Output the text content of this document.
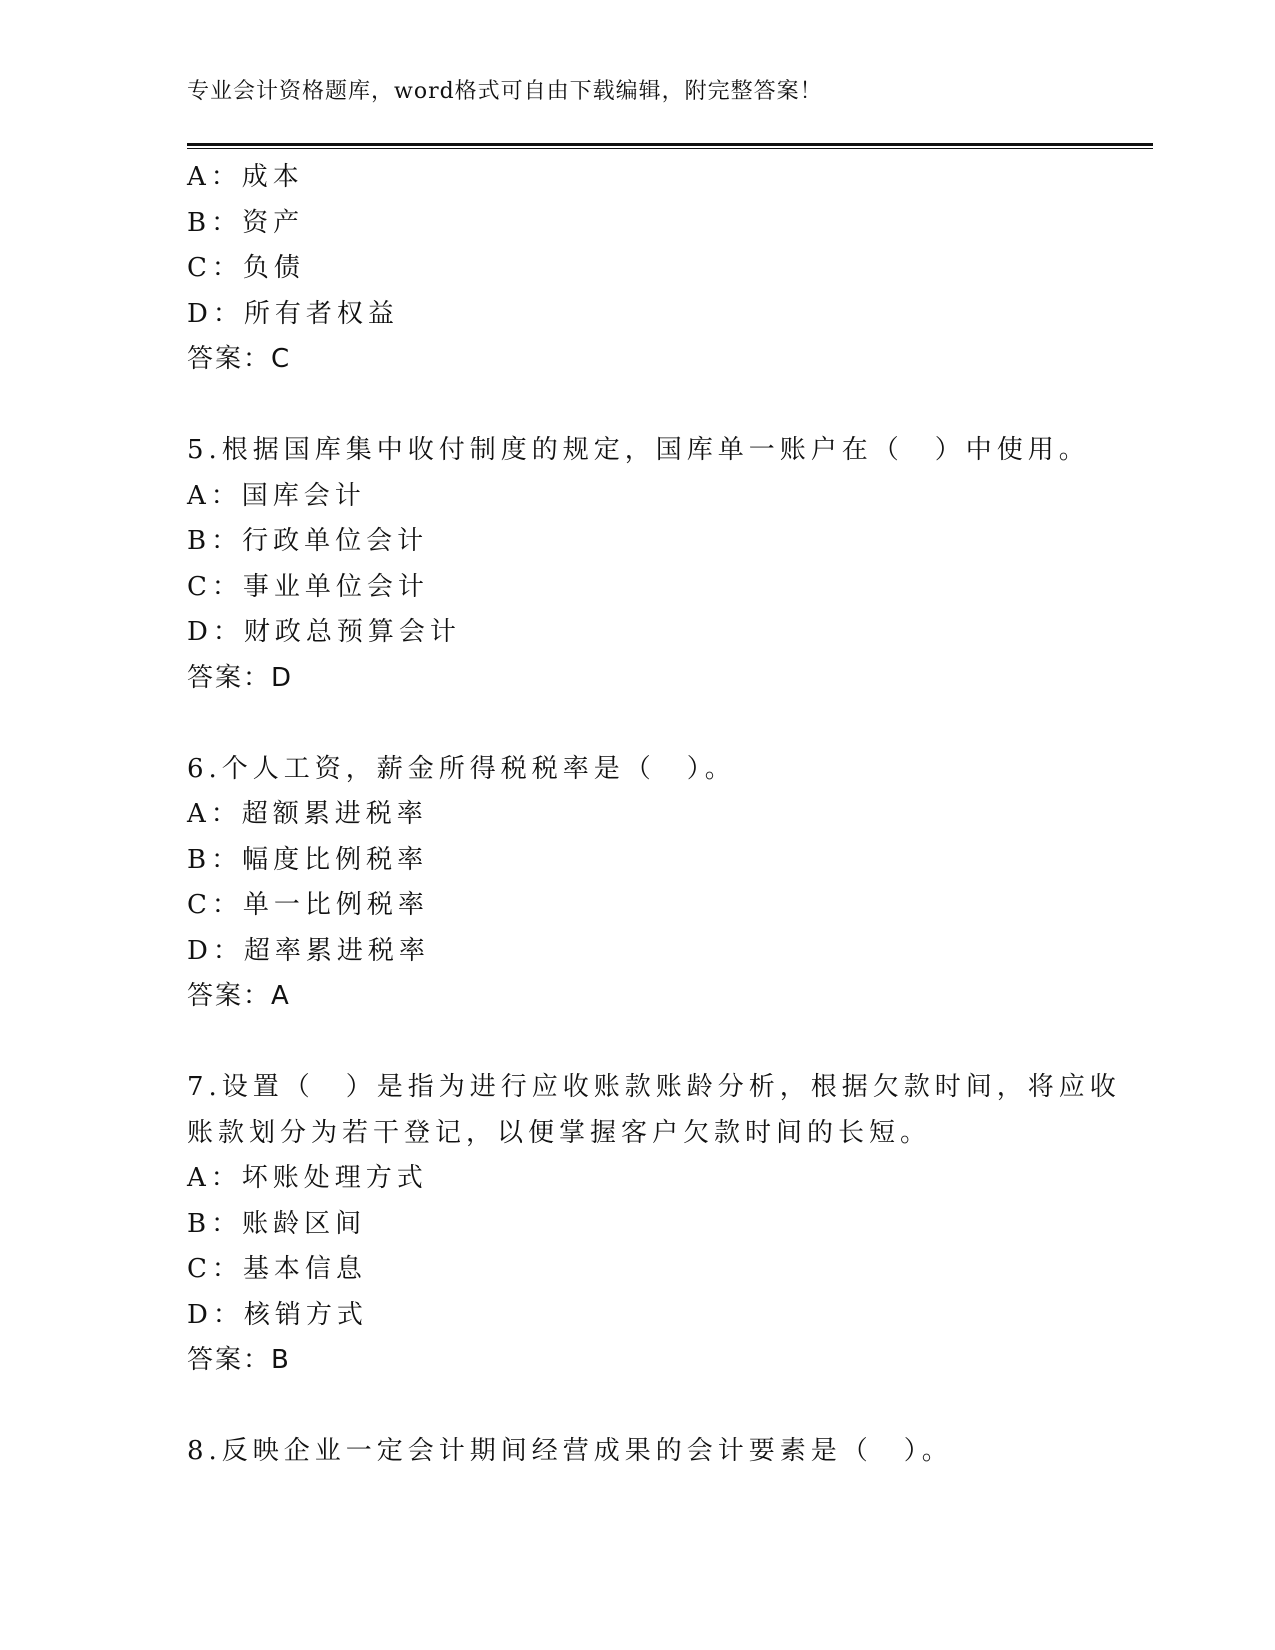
专业会计资格题库，word格式可自由下载编辑，附完整答案！
A：成本
B：资产
C：负债
D：所有者权益
答案：C
5.根据国库集中收付制度的规定，国库单一账户在（　）中使用。
A：国库会计
B：行政单位会计
C：事业单位会计
D：财政总预算会计
答案：D
6.个人工资，薪金所得税税率是（　）。
A：超额累进税率
B：幅度比例税率
C：单一比例税率
D：超率累进税率
答案：A
7.设置（　）是指为进行应收账款账龄分析，根据欠款时间，将应收
账款划分为若干登记，以便掌握客户欠款时间的长短。
A：坏账处理方式
B：账龄区间
C：基本信息
D：核销方式
答案：B
8.反映企业一定会计期间经营成果的会计要素是（　）。
